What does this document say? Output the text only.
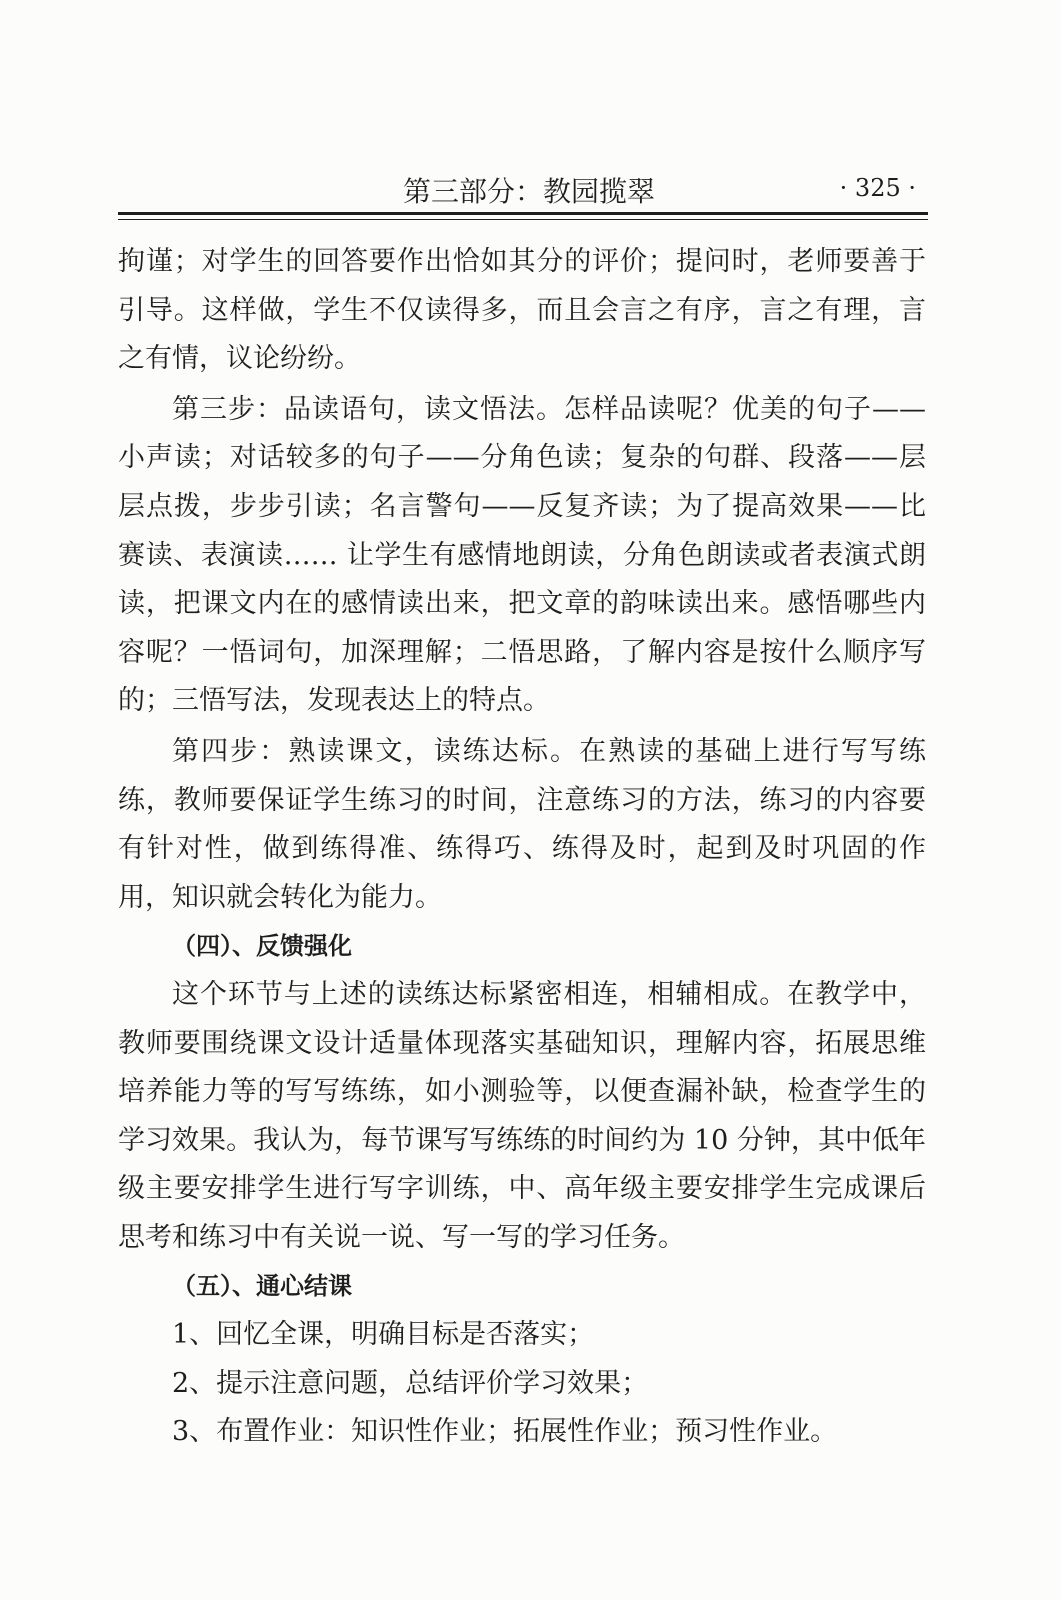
第三部分：教园揽翠	· 325 ·

拘谨；对学生的回答要作出恰如其分的评价；提问时，老师要善于引导。这样做，学生不仅读得多，而且会言之有序，言之有理，言之有情，议论纷纷。

第三步：品读语句，读文悟法。怎样品读呢？优美的句子——小声读；对话较多的句子——分角色读；复杂的句群、段落——层层点拨，步步引读；名言警句——反复齐读；为了提高效果——比赛读、表演读…… 让学生有感情地朗读，分角色朗读或者表演式朗读，把课文内在的感情读出来，把文章的韵味读出来。感悟哪些内容呢？一悟词句，加深理解；二悟思路，了解内容是按什么顺序写的；三悟写法，发现表达上的特点。

第四步：熟读课文，读练达标。在熟读的基础上进行写写练练，教师要保证学生练习的时间，注意练习的方法，练习的内容要有针对性，做到练得准、练得巧、练得及时，起到及时巩固的作用，知识就会转化为能力。

（四）、反馈强化

这个环节与上述的读练达标紧密相连，相辅相成。在教学中，教师要围绕课文设计适量体现落实基础知识，理解内容，拓展思维培养能力等的写写练练，如小测验等，以便查漏补缺，检查学生的学习效果。我认为，每节课写写练练的时间约为 10 分钟，其中低年级主要安排学生进行写字训练，中、高年级主要安排学生完成课后思考和练习中有关说一说、写一写的学习任务。

（五）、通心结课

1、回忆全课，明确目标是否落实；

2、提示注意问题，总结评价学习效果；

3、布置作业：知识性作业；拓展性作业；预习性作业。
